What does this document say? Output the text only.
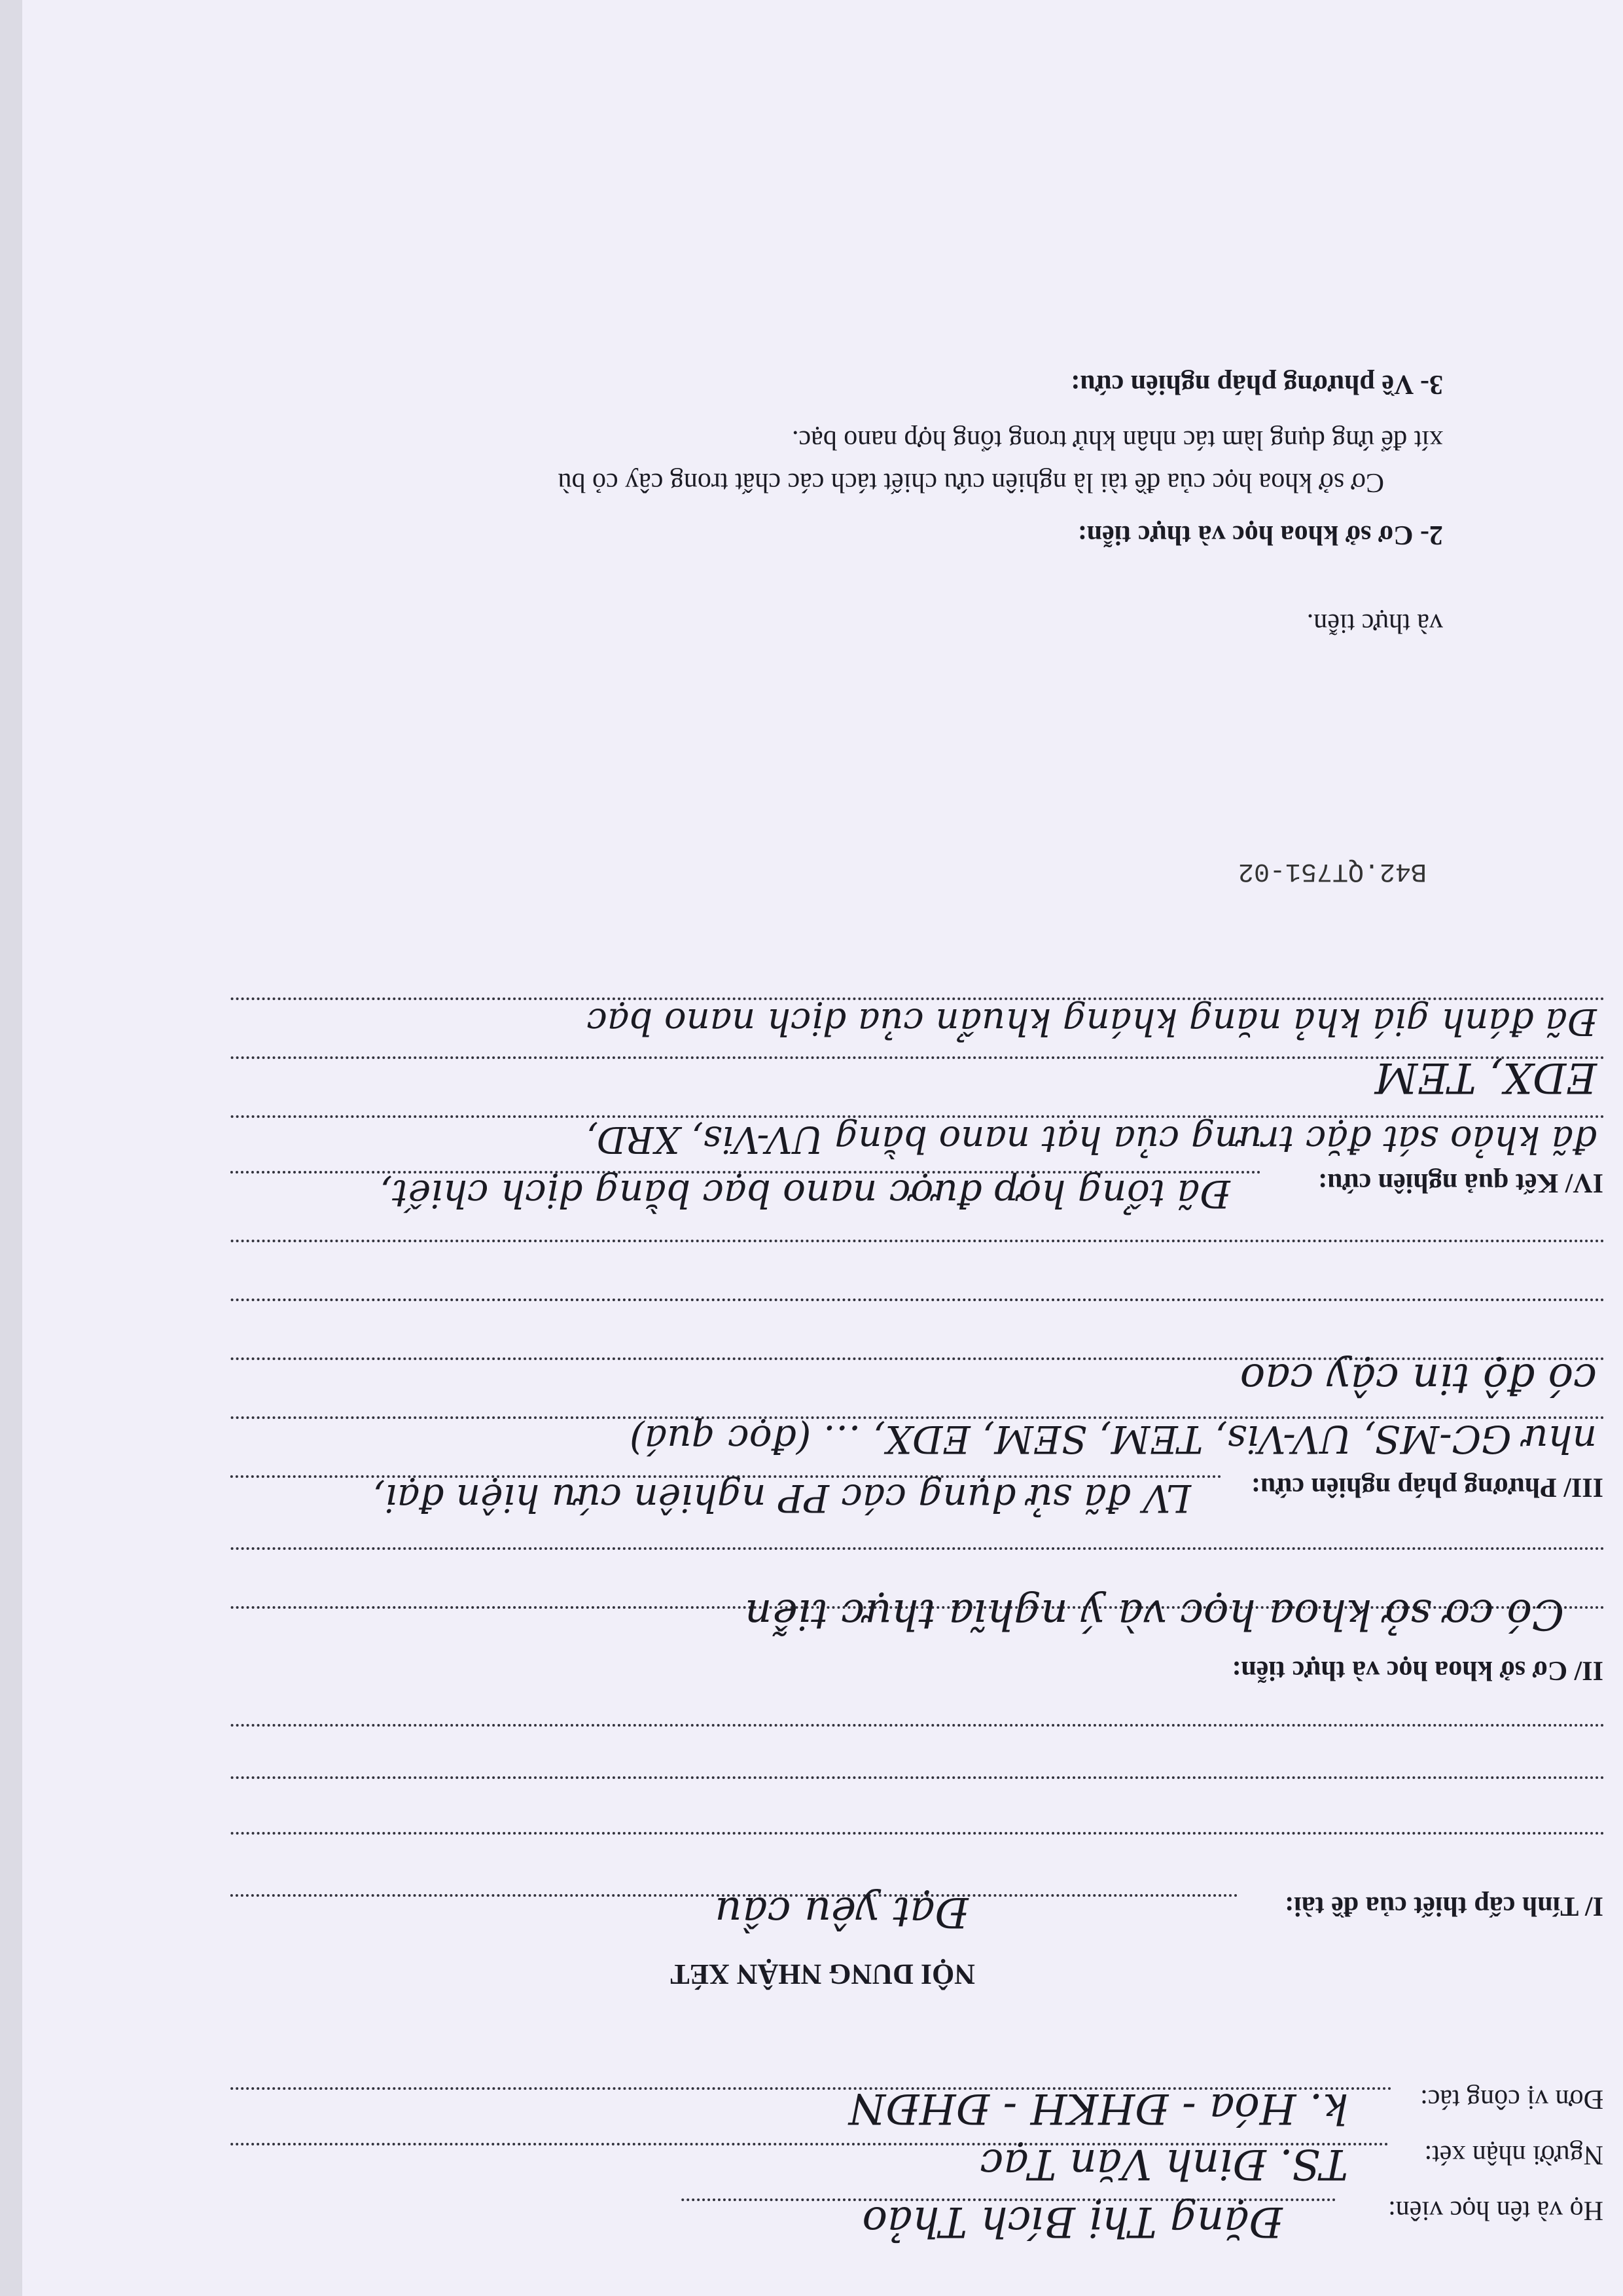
Họ và tên học viên:
Đặng Thị Bích Thảo
Người nhận xét:
TS. Đinh Văn Tạc
Đơn vị công tác:
k. Hóa - ĐHKH - ĐHĐN
NỘI DUNG NHẬN XÉT
I/ Tính cấp thiết của đề tài:
Đạt yêu cầu
II/ Cơ sở khoa học và thực tiễn:
Có cơ sở khoa học và ý nghĩa thực tiễn
III/ Phương pháp nghiên cứu:
LV đã sử dụng các PP nghiên cứu hiện đại,
như GC-MS, UV-Vis, TEM, SEM, EDX, … (đọc quá)
có độ tin cậy cao
IV/ Kết quả nghiên cứu:
Đã tổng hợp được nano bạc bằng dịch chiết,
đã khảo sát đặc trưng của hạt nano bằng UV-Vis, XRD,
EDX, TEM
Đã đánh giá khả năng kháng khuẩn của dịch nano bạc
B42.QT751-02
và thực tiễn.
2- Cơ sở khoa học và thực tiễn:
Cơ sở khoa học của đề tài là nghiên cứu chiết tách các chất trong cây cỏ bù
xít để ứng dụng làm tác nhân khử trong tổng hợp nano bạc.
3- Về phương pháp nghiên cứu:
